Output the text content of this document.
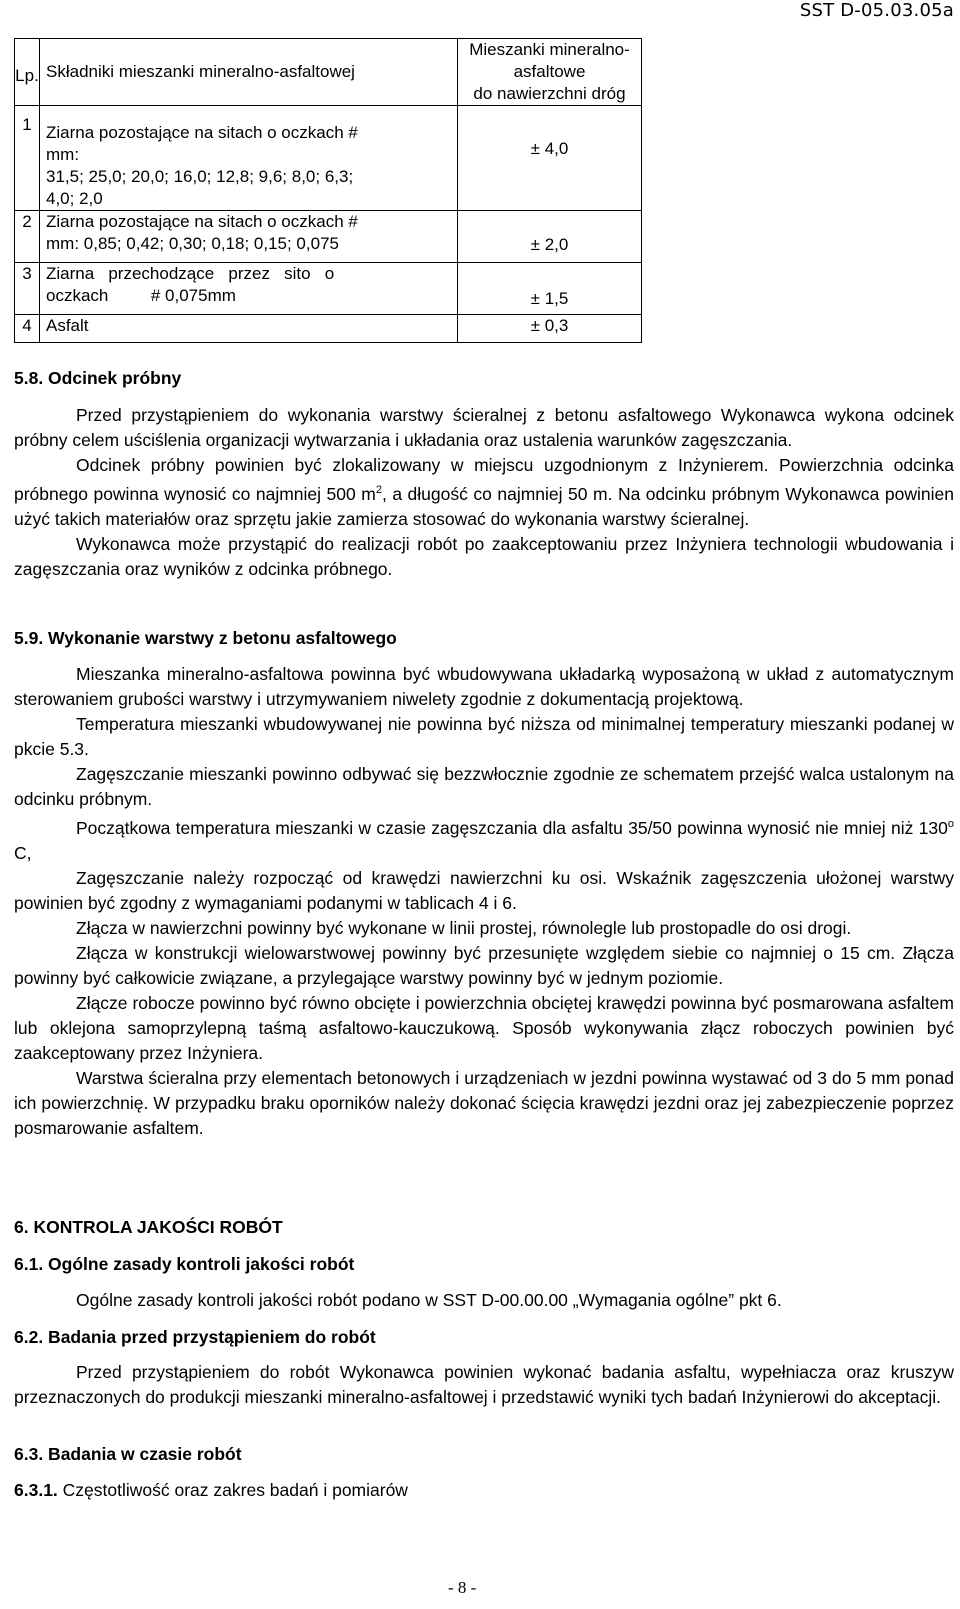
SST D-05.03.05a
Lp.	Składniki mieszanki mineralno-asfaltowej	Mieszanki mineralno-asfaltowe
do nawierzchni dróg

1	Ziarna pozostające na sitach o oczkach #
mm:
31,5; 25,0; 20,0; 16,0; 12,8; 9,6; 8,0; 6,3;
4,0; 2,0	± 4,0
2	Ziarna pozostające na sitach o oczkach #
mm: 0,85; 0,42; 0,30; 0,18; 0,15; 0,075	± 2,0
3	Ziarna   przechodzące   przez   sito   o
oczkach         # 0,075mm	± 1,5
4	Asfalt	± 0,3
5.8. Odcinek próbny

Przed przystąpieniem do wykonania warstwy ścieralnej z betonu asfaltowego Wykonawca wykona odcinek próbny celem uściślenia organizacji wytwarzania i układania oraz ustalenia warunków zagęszczania.

Odcinek próbny powinien być zlokalizowany w miejscu uzgodnionym z Inżynierem. Powierzchnia odcinka próbnego powinna wynosić co najmniej 500 $m^2$, a długość co najmniej 50 m. Na odcinku próbnym Wykonawca powinien użyć takich materiałów oraz sprzętu jakie zamierza stosować do wykonania warstwy ścieralnej.

Wykonawca może przystąpić do realizacji robót po zaakceptowaniu przez Inżyniera technologii wbudowania i zagęszczania oraz wyników z odcinka próbnego.

5.9. Wykonanie warstwy z betonu asfaltowego

Mieszanka mineralno-asfaltowa powinna być wbudowywana układarką wyposażoną w układ z automatycznym sterowaniem grubości warstwy i utrzymywaniem niwelety zgodnie z dokumentacją projektową.

Temperatura mieszanki wbudowywanej nie powinna być niższa od minimalnej temperatury mieszanki podanej w pkcie 5.3.

Zagęszczanie mieszanki powinno odbywać się bezzwłocznie zgodnie ze schematem przejść walca ustalonym na odcinku próbnym.

Początkowa temperatura mieszanki w czasie zagęszczania dla asfaltu 35/50 powinna wynosić nie mniej niż 130$^o$ C,

Zagęszczanie należy rozpocząć od krawędzi nawierzchni ku osi. Wskaźnik zagęszczenia ułożonej warstwy powinien być zgodny z wymaganiami podanymi w tablicach 4 i 6.

Złącza w nawierzchni powinny być wykonane w linii prostej, równolegle lub prostopadle do osi drogi.

Złącza w konstrukcji wielowarstwowej powinny być przesunięte względem siebie co najmniej o 15 cm. Złącza powinny być całkowicie związane, a przylegające warstwy powinny być w jednym poziomie.

Złącze robocze powinno być równo obcięte i powierzchnia obciętej krawędzi powinna być posmarowana asfaltem lub oklejona samoprzylepną taśmą asfaltowo-kauczukową. Sposób wykonywania złącz roboczych powinien być zaakceptowany przez Inżyniera.

Warstwa ścieralna przy elementach betonowych i urządzeniach w jezdni powinna wystawać od 3 do 5 mm ponad ich powierzchnię. W przypadku braku oporników należy dokonać ścięcia krawędzi jezdni oraz jej zabezpieczenie poprzez posmarowanie asfaltem.

6. KONTROLA JAKOŚCI ROBÓT
6.1. Ogólne zasady kontroli jakości robót

Ogólne zasady kontroli jakości robót podano w SST D-00.00.00 „Wymagania ogólne” pkt 6.

6.2. Badania przed przystąpieniem do robót

Przed przystąpieniem do robót Wykonawca powinien wykonać badania asfaltu, wypełniacza oraz kruszyw przeznaczonych do produkcji mieszanki mineralno-asfaltowej i przedstawić wyniki tych badań Inżynierowi do akceptacji.

6.3. Badania w czasie robót
6.3.1. Częstotliwość oraz zakres badań i pomiarów
- 8 -
